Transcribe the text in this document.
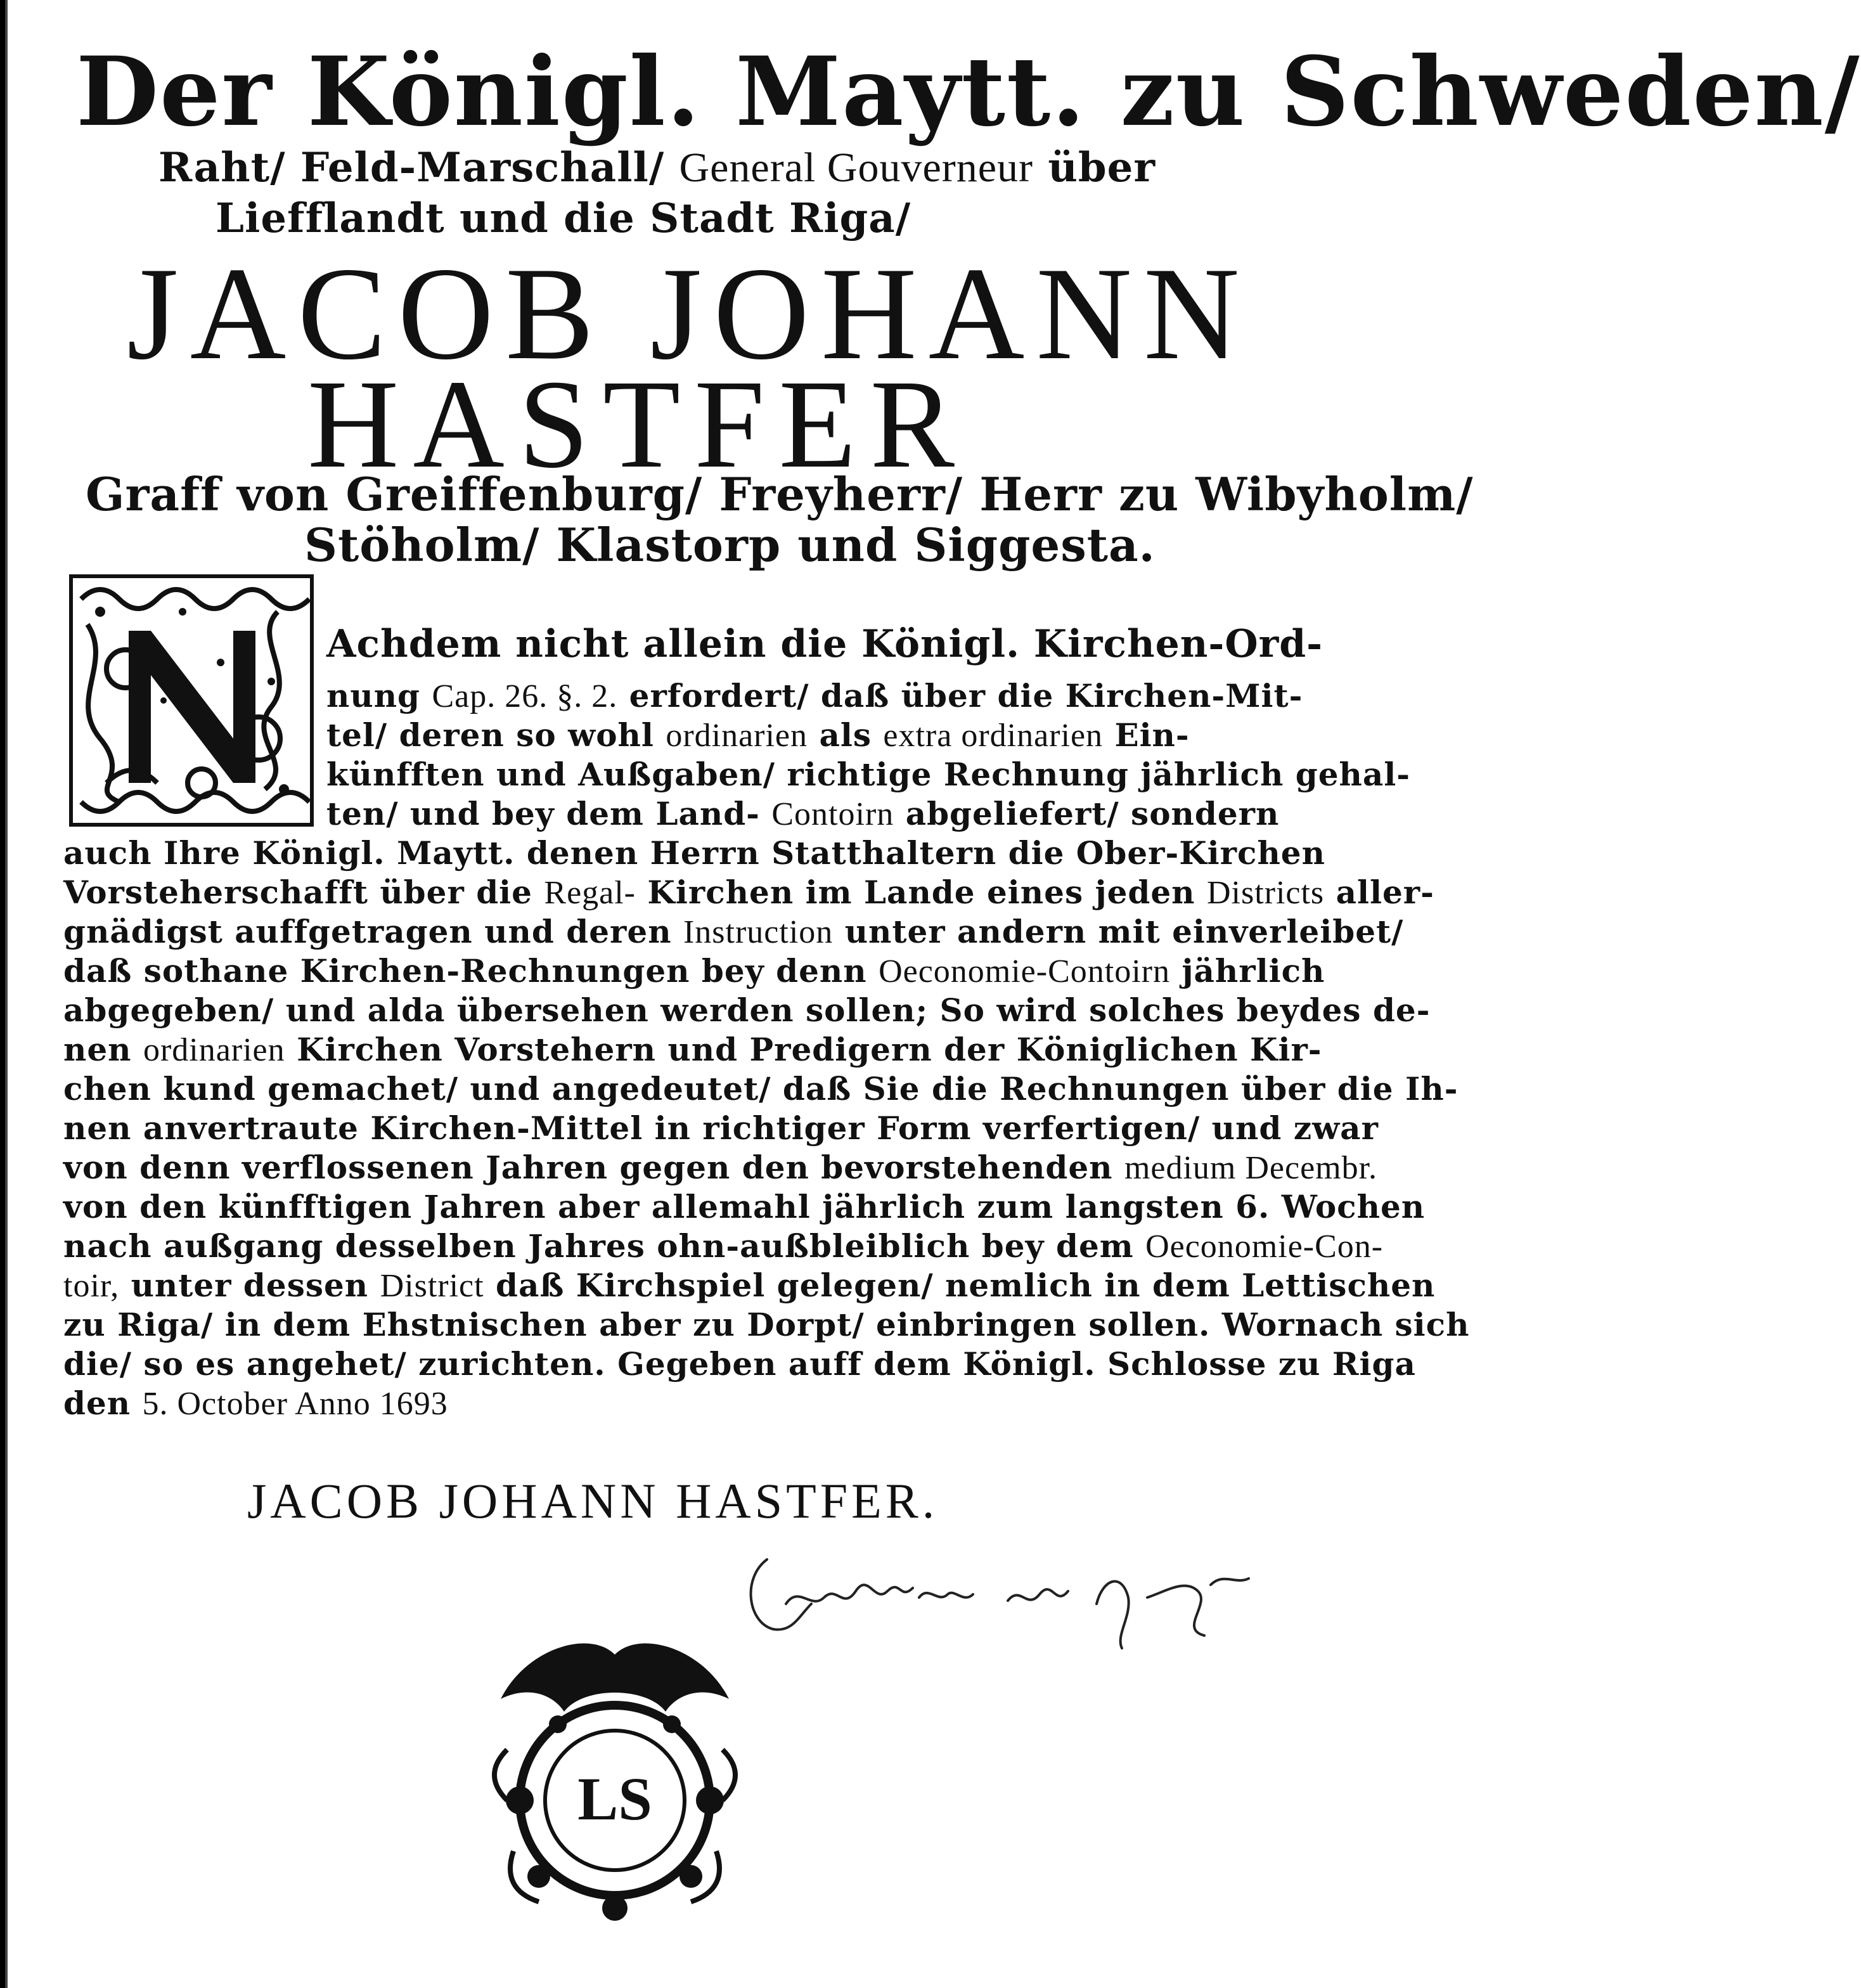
Der Königl. Maytt. zu Schweden/
Raht/ Feld-Marschall/ General Gouverneur über
Liefflandt und die Stadt Riga/
JACOB JOHANN
HASTFER
Graff von Greiffenburg/ Freyherr/ Herr zu Wibyholm/
Stöholm/ Klastorp und Siggesta.
Achdem nicht allein die Königl. Kirchen-Ord-
nung Cap. 26. §. 2. erfordert/ daß über die Kirchen-Mit-
tel/ deren so wohl ordinarien als extra ordinarien Ein-
künfften und Außgaben/ richtige Rechnung jährlich gehal-
ten/ und bey dem Land- Contoirn abgeliefert/ sondern
auch Ihre Königl. Maytt. denen Herrn Statthaltern die Ober-Kirchen
Vorsteherschafft über die Regal- Kirchen im Lande eines jeden Districts aller-
gnädigst auffgetragen und deren Instruction unter andern mit einverleibet/
daß sothane Kirchen-Rechnungen bey denn Oeconomie-Contoirn jährlich
abgegeben/ und alda übersehen werden sollen; So wird solches beydes de-
nen ordinarien Kirchen Vorstehern und Predigern der Königlichen Kir-
chen kund gemachet/ und angedeutet/ daß Sie die Rechnungen über die Ih-
nen anvertraute Kirchen-Mittel in richtiger Form verfertigen/ und zwar
von denn verflossenen Jahren gegen den bevorstehenden medium Decembr.
von den künfftigen Jahren aber allemahl jährlich zum langsten 6. Wochen
nach außgang desselben Jahres ohn-außbleiblich bey dem Oeconomie-Con-
toir, unter dessen District daß Kirchspiel gelegen/ nemlich in dem Lettischen
zu Riga/ in dem Ehstnischen aber zu Dorpt/ einbringen sollen. Wornach sich
die/ so es angehet/ zurichten. Gegeben auff dem Königl. Schlosse zu Riga
den 5. October Anno 1693
JACOB JOHANN HASTFER.
LS
